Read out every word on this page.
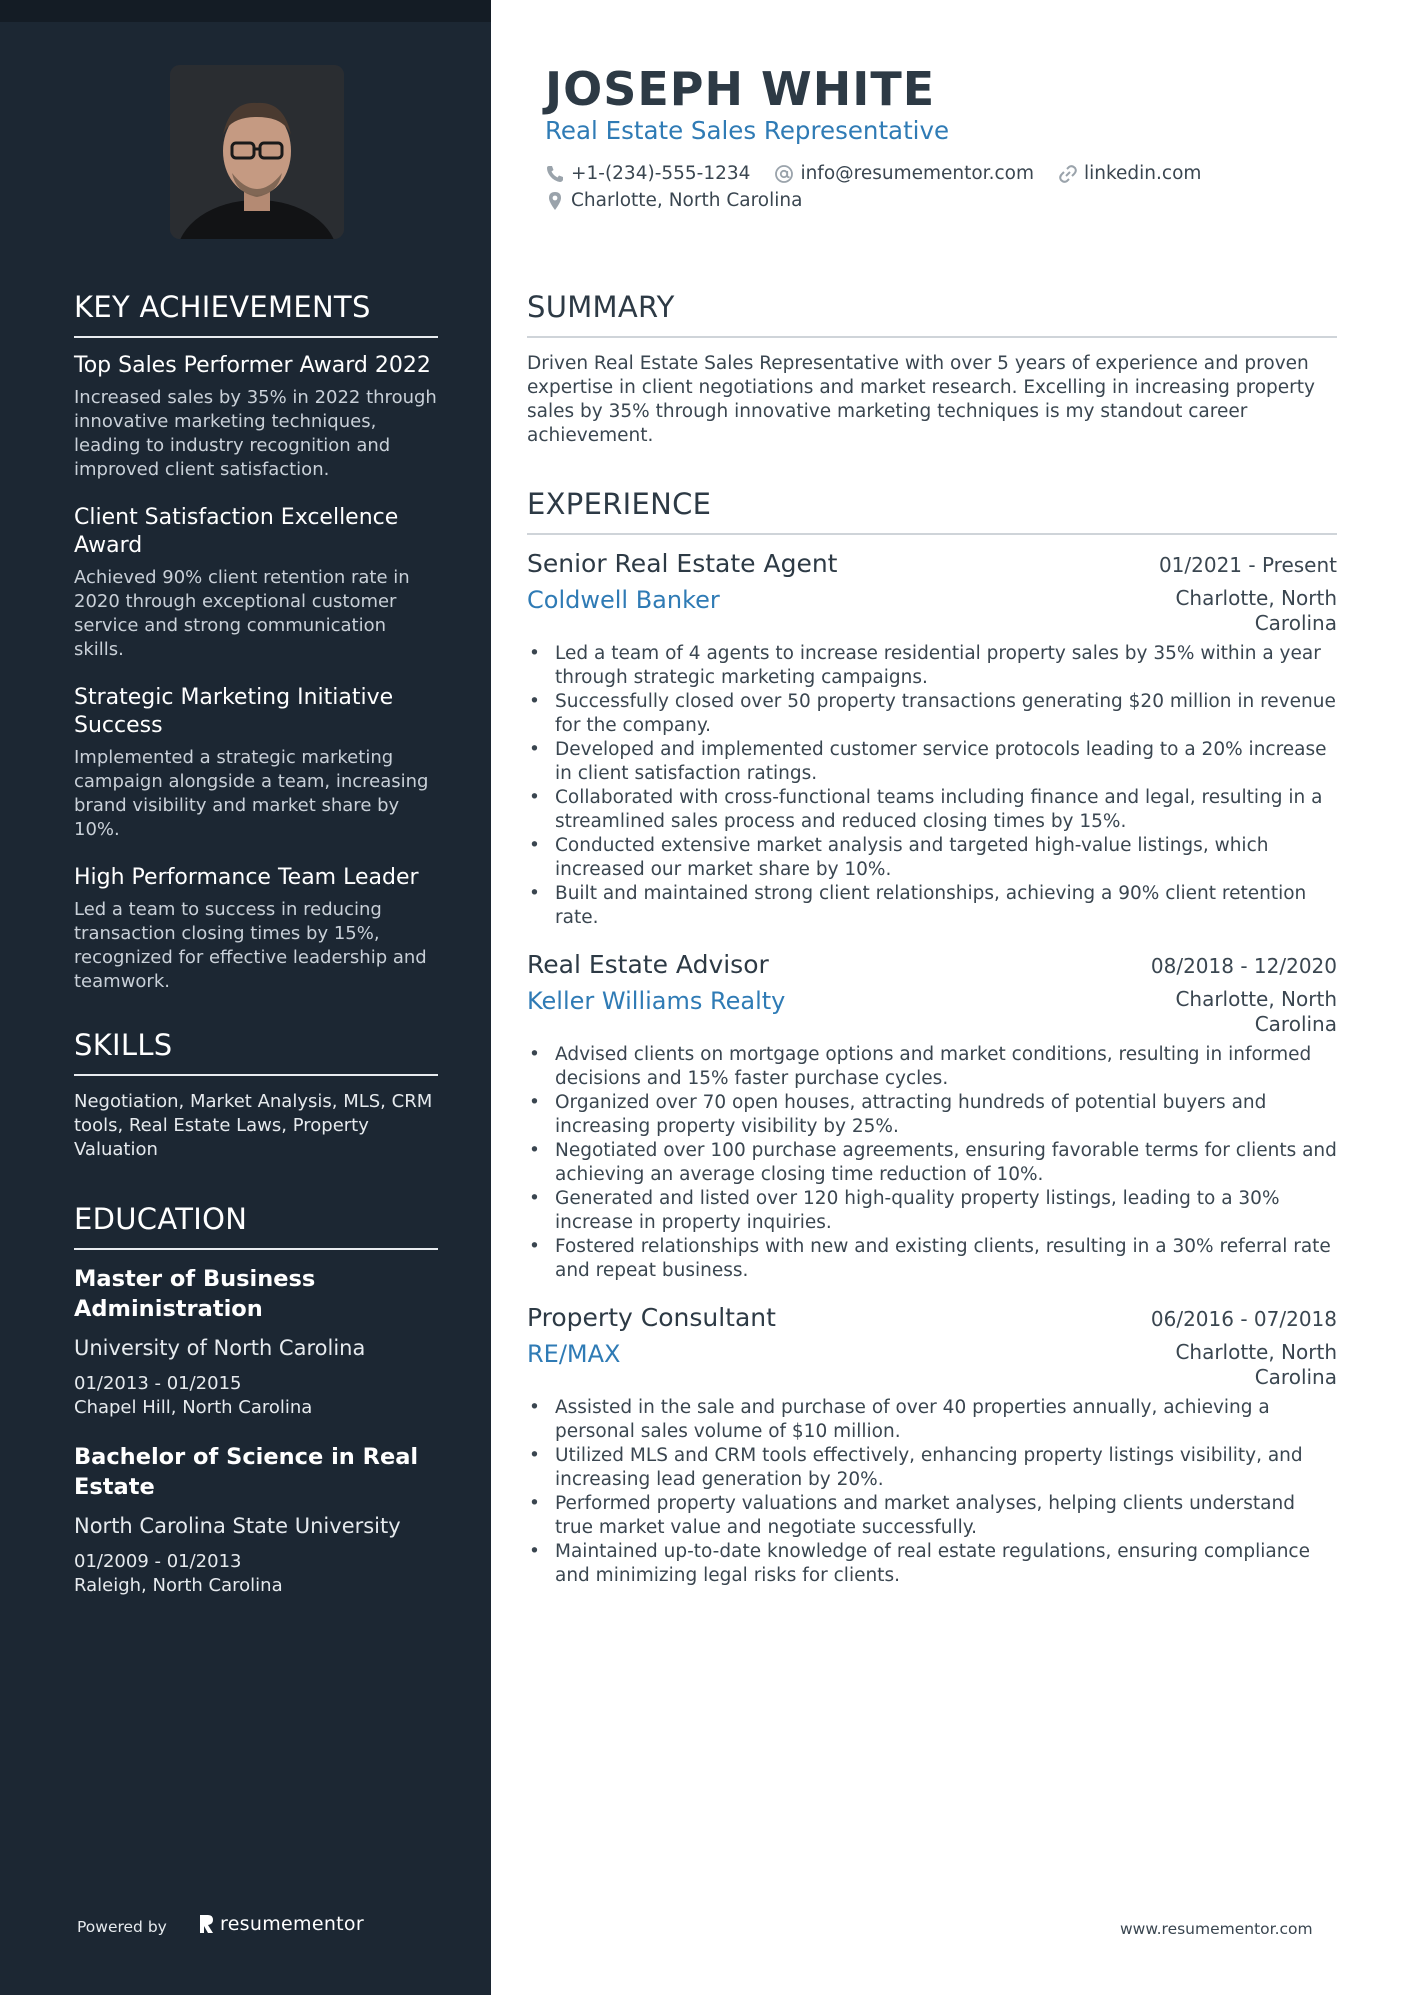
KEY ACHIEVEMENTS
Top Sales Performer Award 2022
Increased sales by 35% in 2022 through innovative marketing techniques, leading to industry recognition and improved client satisfaction.
Client Satisfaction Excellence Award
Achieved 90% client retention rate in 2020 through exceptional customer service and strong communication skills.
Strategic Marketing Initiative Success
Implemented a strategic marketing campaign alongside a team, increasing brand visibility and market share by 10%.
High Performance Team Leader
Led a team to success in reducing transaction closing times by 15%, recognized for effective leadership and teamwork.
SKILLS

Negotiation, Market Analysis, MLS, CRM tools, Real Estate Laws, Property Valuation

EDUCATION
Master of Business Administration
University of North Carolina
01/2013 - 01/2015
Chapel Hill, North Carolina
Bachelor of Science in Real Estate
North Carolina State University
01/2009 - 01/2013
Raleigh, North Carolina
Powered by	resumementor
JOSEPH WHITE
Real Estate Sales Representative
+1-(234)-555-1234	info@resumementor.com	linkedin.com
Charlotte, North Carolina
SUMMARY

Driven Real Estate Sales Representative with over 5 years of experience and proven expertise in client negotiations and market research. Excelling in increasing property sales by 35% through innovative marketing techniques is my standout career achievement.

EXPERIENCE
Senior Real Estate Agent	01/2021 - Present
Coldwell Banker	Charlotte, North Carolina
• Led a team of 4 agents to increase residential property sales by 35% within a year through strategic marketing campaigns.
• Successfully closed over 50 property transactions generating $20 million in revenue for the company.
• Developed and implemented customer service protocols leading to a 20% increase in client satisfaction ratings.
• Collaborated with cross-functional teams including finance and legal, resulting in a streamlined sales process and reduced closing times by 15%.
• Conducted extensive market analysis and targeted high-value listings, which increased our market share by 10%.
• Built and maintained strong client relationships, achieving a 90% client retention rate.
Real Estate Advisor	08/2018 - 12/2020
Keller Williams Realty	Charlotte, North Carolina
• Advised clients on mortgage options and market conditions, resulting in informed decisions and 15% faster purchase cycles.
• Organized over 70 open houses, attracting hundreds of potential buyers and increasing property visibility by 25%.
• Negotiated over 100 purchase agreements, ensuring favorable terms for clients and achieving an average closing time reduction of 10%.
• Generated and listed over 120 high-quality property listings, leading to a 30% increase in property inquiries.
• Fostered relationships with new and existing clients, resulting in a 30% referral rate and repeat business.
Property Consultant	06/2016 - 07/2018
RE/MAX	Charlotte, North Carolina
• Assisted in the sale and purchase of over 40 properties annually, achieving a personal sales volume of $10 million.
• Utilized MLS and CRM tools effectively, enhancing property listings visibility, and increasing lead generation by 20%.
• Performed property valuations and market analyses, helping clients understand true market value and negotiate successfully.
• Maintained up-to-date knowledge of real estate regulations, ensuring compliance and minimizing legal risks for clients.
www.resumementor.com
